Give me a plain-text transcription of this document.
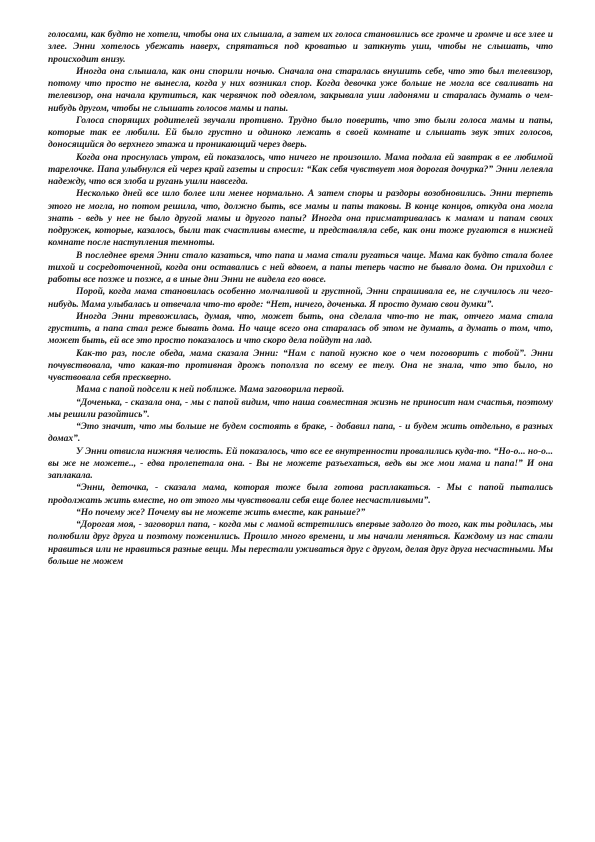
голосами, как будто не хотели, чтобы она их слышала, а затем их голоса становились все громче и громче и все злее и злее. Энни хотелось убежать наверх, спрятаться под кроватью и заткнуть уши, чтобы не слышать, что происходит внизу.

Иногда она слышала, как они спорили ночью. Сначала она старалась внушить себе, что это был телевизор, потому что просто не вынесла, когда у них возникал спор. Когда девочка уже больше не могла все сваливать на телевизор, она начала крутиться, как червячок под одеялом, закрывала уши ладонями и старалась думать о чем-нибудь другом, чтобы не слышать голосов мамы и папы.

Голоса спорящих родителей звучали противно. Трудно было поверить, что это были голоса мамы и папы, которые так ее любили. Ей было грустно и одиноко лежать в своей комнате и слышать звук этих голосов, доносящийся до верхнего этажа и проникающий через дверь.

Когда она проснулась утром, ей показалось, что ничего не произошло. Мама подала ей завтрак в ее любимой тарелочке. Папа улыбнулся ей через край газеты и спросил: “Как себя чувствует моя дорогая дочурка?” Энни лелеяла надежду, что вся злоба и ругань ушли навсегда.

Несколько дней все шло более или менее нормально. А затем споры и раздоры возобновились. Энни терпеть этого не могла, но потом решила, что, должно быть, все мамы и папы таковы. В конце концов, откуда она могла знать - ведь у нее не было другой мамы и другого папы? Иногда она присматривалась к мамам и папам своих подружек, которые, казалось, были так счастливы вместе, и представляла себе, как они тоже ругаются в нижней комнате после наступления темноты.

В последнее время Энни стало казаться, что папа и мама стали ругаться чаще. Мама как будто стала более тихой и сосредоточенной, когда они оставались с ней вдвоем, а папы теперь часто не бывало дома. Он приходил с работы все позже и позже, а в иные дни Энни не видела его вовсе.

Порой, когда мама становилась особенно молчаливой и грустной, Энни спрашивала ее, не случилось ли чего-нибудь. Мама улыбалась и отвечала что-то вроде: “Нет, ничего, доченька. Я просто думаю свои думки”.

Иногда Энни тревожилась, думая, что, может быть, она сделала что-то не так, отчего мама стала грустить, а папа стал реже бывать дома. Но чаще всего она старалась об этом не думать, а думать о том, что, может быть, ей все это просто показалось и что скоро дела пойдут на лад.

Как-то раз, после обеда, мама сказала Энни: “Нам с папой нужно кое о чем поговорить с тобой”. Энни почувствовала, что какая-то противная дрожь поползла по всему ее телу. Она не знала, что это было, но чувствовала себя прескверно.

Мама с папой подсели к ней поближе. Мама заговорила первой.

“Доченька, - сказала она, - мы с папой видим, что наша совместная жизнь не приносит нам счастья, поэтому мы решили разойтись”.

“Это значит, что мы больше не будем состоять в браке, - добавил папа, - и будем жить отдельно, в разных домах”.

У Энни отвисла нижняя челюсть. Ей показалось, что все ее внутренности провалились куда-то. “Но-о... но-о... вы же не можете.., - едва пролепетала она. - Вы не можете разъехаться, ведь вы же мои мама и папа!” И она заплакала.

“Энни, деточка, - сказала мама, которая тоже была готова расплакаться. - Мы с папой пытались продолжать жить вместе, но от этого мы чувствовали себя еще более несчастливыми”.

“Но почему же? Почему вы не можете жить вместе, как раньше?”

“Дорогая моя, - заговорил папа, - когда мы с мамой встретились впервые задолго до того, как ты родилась, мы полюбили друг друга и поэтому поженились. Прошло много времени, и мы начали меняться. Каждому из нас стали нравиться или не нравиться разные вещи. Мы перестали уживаться друг с другом, делая друг друга несчастными. Мы больше не можем
